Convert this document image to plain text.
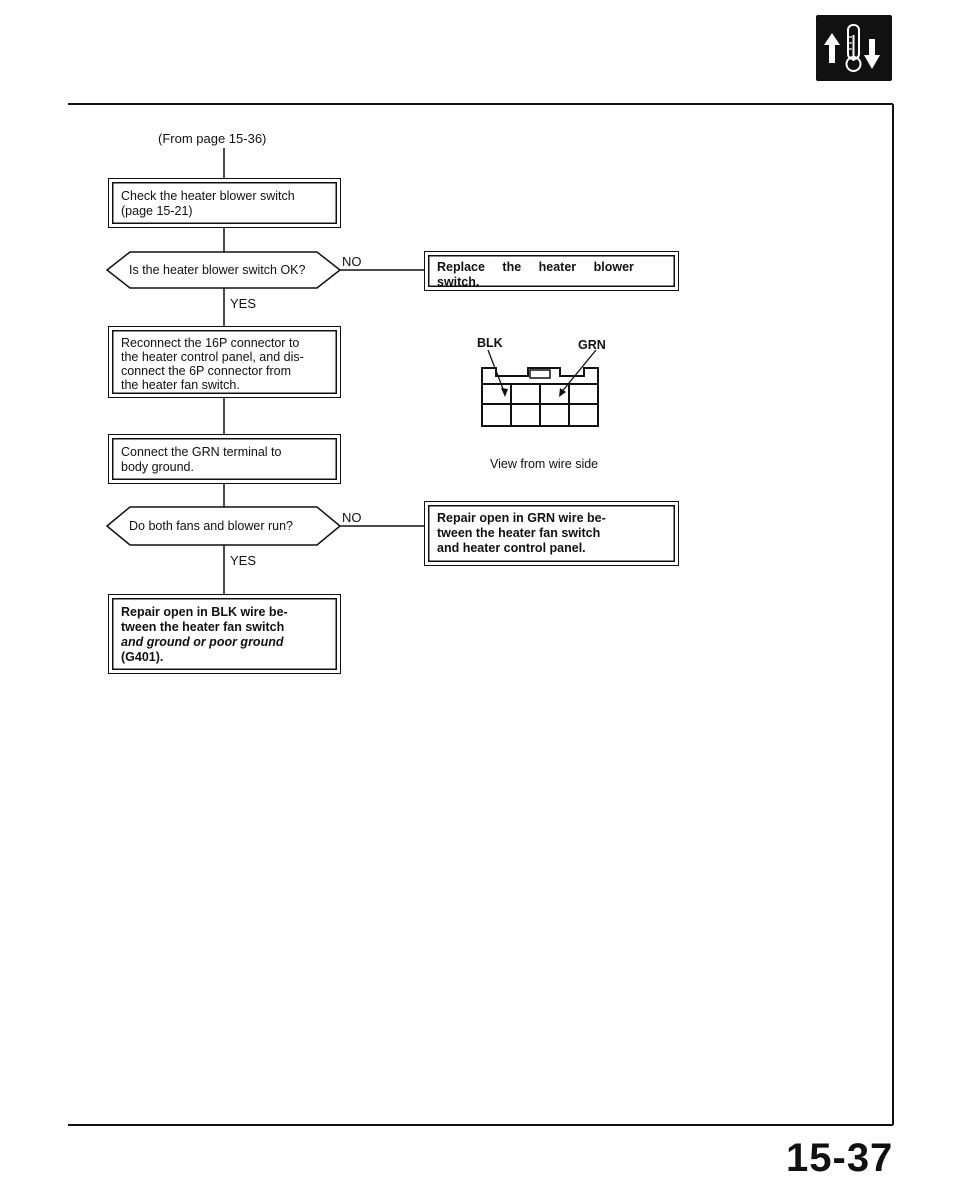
(From page 15-36)
Check the heater blower switch
(page 15-21)
Is the heater blower switch OK?
NO
YES
Replace the heater blower
switch.
Reconnect the 16P connector to
the heater control panel, and dis-
connect the 6P connector from
the heater fan switch.
Connect the GRN terminal to
body ground.
Do both fans and blower run?
NO
YES
Repair open in GRN wire be-
tween the heater fan switch
and heater control panel.
Repair open in BLK wire be-
tween the heater fan switch
and ground or poor ground
(G401).
BLK	GRN
View from wire side
15-37
